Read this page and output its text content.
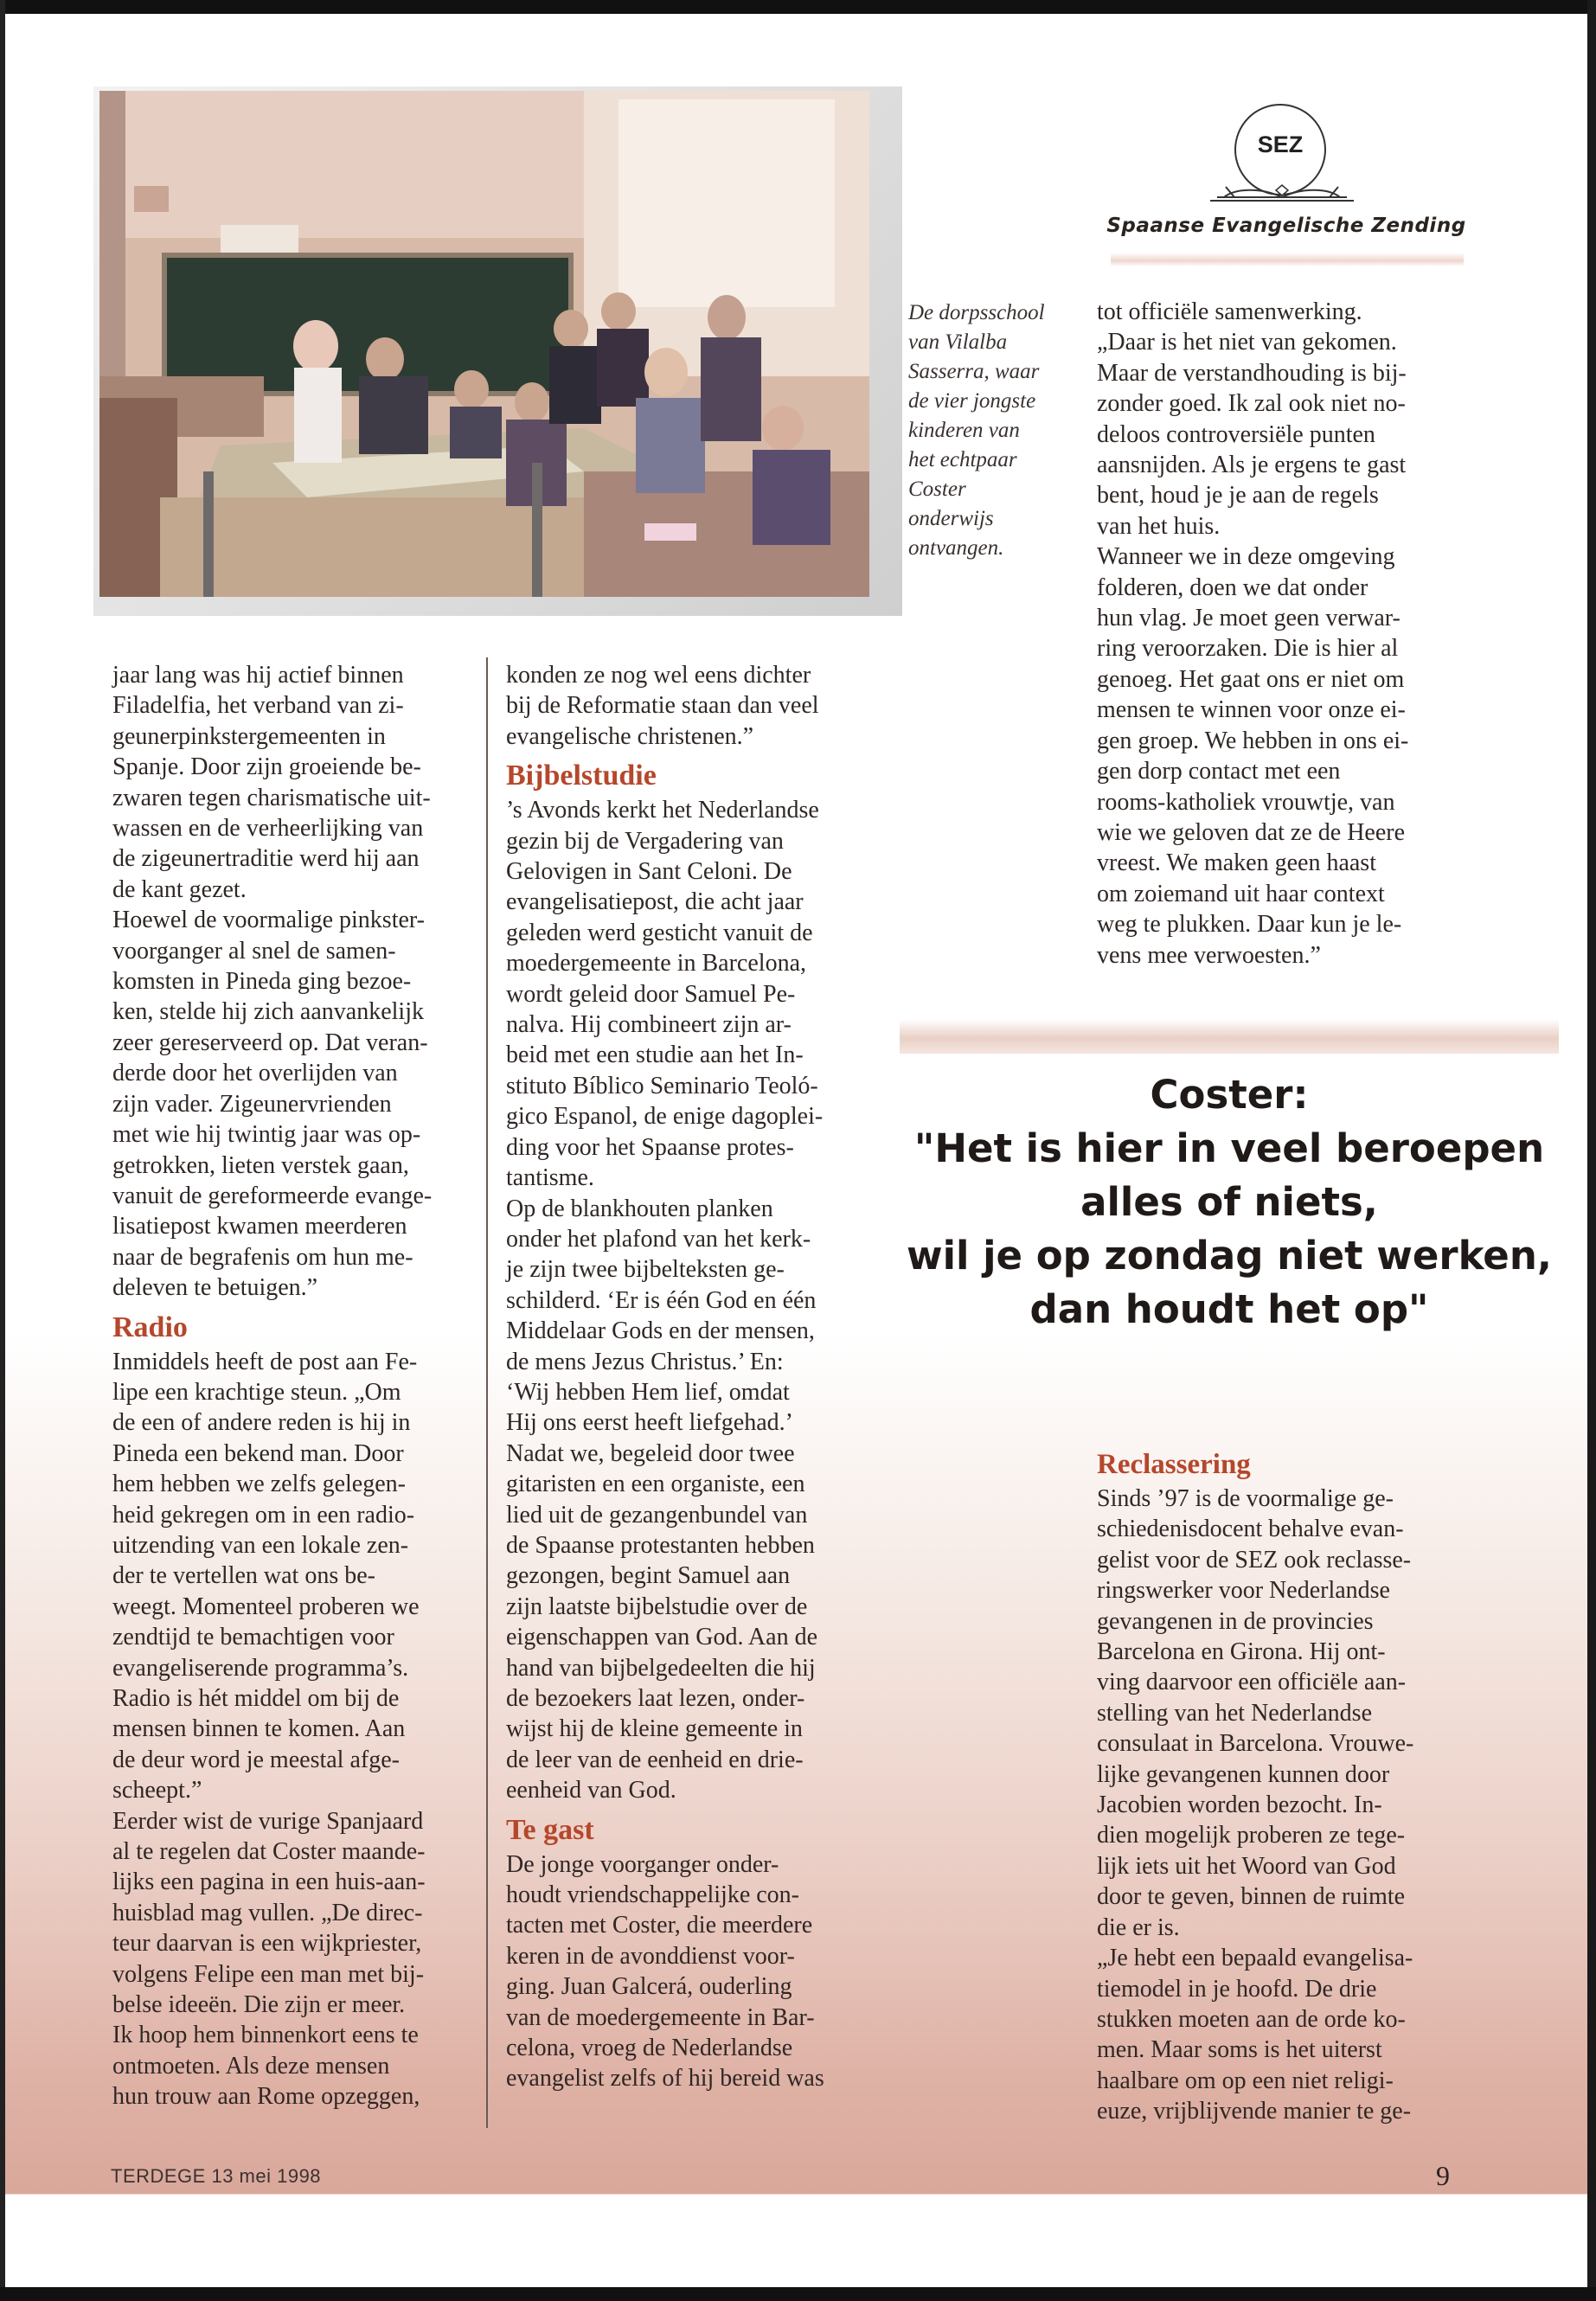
De dorpsschool
van Vilalba
Sasserra, waar
de vier jongste
kinderen van
het echtpaar
Coster
onderwijs
ontvangen.
SEZ
Spaanse Evangelische Zending
jaar lang was hij actief binnen
Filadelfia, het verband van zi-
geunerpinkstergemeenten in
Spanje. Door zijn groeiende be-
zwaren tegen charismatische uit-
wassen en de verheerlijking van
de zigeunertraditie werd hij aan
de kant gezet.
Hoewel de voormalige pinkster-
voorganger al snel de samen-
komsten in Pineda ging bezoe-
ken, stelde hij zich aanvankelijk
zeer gereserveerd op. Dat veran-
derde door het overlijden van
zijn vader. Zigeunervrienden
met wie hij twintig jaar was op-
getrokken, lieten verstek gaan,
vanuit de gereformeerde evange-
lisatiepost kwamen meerderen
naar de begrafenis om hun me-
deleven te betuigen.”
Radio
Inmiddels heeft de post aan Fe-
lipe een krachtige steun. „Om
de een of andere reden is hij in
Pineda een bekend man. Door
hem hebben we zelfs gelegen-
heid gekregen om in een radio-
uitzending van een lokale zen-
der te vertellen wat ons be-
weegt. Momenteel proberen we
zendtijd te bemachtigen voor
evangeliserende programma’s.
Radio is hét middel om bij de
mensen binnen te komen. Aan
de deur word je meestal afge-
scheept.”
Eerder wist de vurige Spanjaard
al te regelen dat Coster maande-
lijks een pagina in een huis-aan-
huisblad mag vullen. „De direc-
teur daarvan is een wijkpriester,
volgens Felipe een man met bij-
belse ideeën. Die zijn er meer.
Ik hoop hem binnenkort eens te
ontmoeten. Als deze mensen
hun trouw aan Rome opzeggen,
konden ze nog wel eens dichter
bij de Reformatie staan dan veel
evangelische christenen.”
Bijbelstudie
’s Avonds kerkt het Nederlandse
gezin bij de Vergadering van
Gelovigen in Sant Celoni. De
evangelisatiepost, die acht jaar
geleden werd gesticht vanuit de
moedergemeente in Barcelona,
wordt geleid door Samuel Pe-
nalva. Hij combineert zijn ar-
beid met een studie aan het In-
stituto Bíblico Seminario Teoló-
gico Espanol, de enige dagoplei-
ding voor het Spaanse protes-
tantisme.
Op de blankhouten planken
onder het plafond van het kerk-
je zijn twee bijbelteksten ge-
schilderd. ‘Er is één God en één
Middelaar Gods en der mensen,
de mens Jezus Christus.’ En:
‘Wij hebben Hem lief, omdat
Hij ons eerst heeft liefgehad.’
Nadat we, begeleid door twee
gitaristen en een organiste, een
lied uit de gezangenbundel van
de Spaanse protestanten hebben
gezongen, begint Samuel aan
zijn laatste bijbelstudie over de
eigenschappen van God. Aan de
hand van bijbelgedeelten die hij
de bezoekers laat lezen, onder-
wijst hij de kleine gemeente in
de leer van de eenheid en drie-
eenheid van God.
Te gast
De jonge voorganger onder-
houdt vriendschappelijke con-
tacten met Coster, die meerdere
keren in de avonddienst voor-
ging. Juan Galcerá, ouderling
van de moedergemeente in Bar-
celona, vroeg de Nederlandse
evangelist zelfs of hij bereid was
tot officiële samenwerking.
„Daar is het niet van gekomen.
Maar de verstandhouding is bij-
zonder goed. Ik zal ook niet no-
deloos controversiële punten
aansnijden. Als je ergens te gast
bent, houd je je aan de regels
van het huis.
Wanneer we in deze omgeving
folderen, doen we dat onder
hun vlag. Je moet geen verwar-
ring veroorzaken. Die is hier al
genoeg. Het gaat ons er niet om
mensen te winnen voor onze ei-
gen groep. We hebben in ons ei-
gen dorp contact met een
rooms-katholiek vrouwtje, van
wie we geloven dat ze de Heere
vreest. We maken geen haast
om zoiemand uit haar context
weg te plukken. Daar kun je le-
vens mee verwoesten.”
Coster:
"Het is hier in veel beroepen
alles of niets,
wil je op zondag niet werken,
dan houdt het op"
Reclassering
Sinds ’97 is de voormalige ge-
schiedenisdocent behalve evan-
gelist voor de SEZ ook reclasse-
ringswerker voor Nederlandse
gevangenen in de provincies
Barcelona en Girona. Hij ont-
ving daarvoor een officiële aan-
stelling van het Nederlandse
consulaat in Barcelona. Vrouwe-
lijke gevangenen kunnen door
Jacobien worden bezocht. In-
dien mogelijk proberen ze tege-
lijk iets uit het Woord van God
door te geven, binnen de ruimte
die er is.
„Je hebt een bepaald evangelisa-
tiemodel in je hoofd. De drie
stukken moeten aan de orde ko-
men. Maar soms is het uiterst
haalbare om op een niet religi-
euze, vrijblijvende manier te ge-
TERDEGE 13 mei 1998	9
